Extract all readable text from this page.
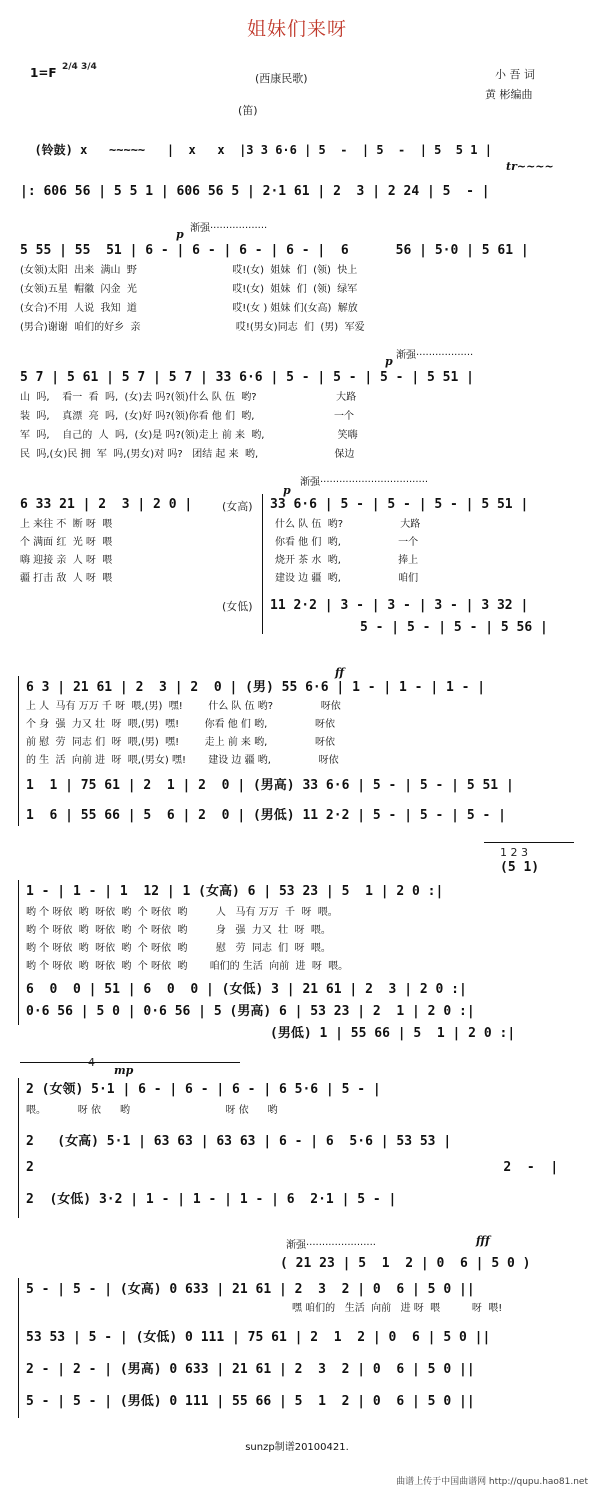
姐妹们来呀
1=F 2/4 3/4
(西康民歌)	小 吾 词
黄 彬编曲
(笛)

(铃鼓) x   ~~~~~   |  x   x  |3 3 6·6 | 5  -  | 5  -  | 5  5 1 |

tr~~~~
|: 606 56 | 5 5 1 | 606 56 5 | 2·1 61 | 2  3 | 2 24 | 5  - |
渐强··················
p
5 55 | 55  51 | 6 - | 6 - | 6 - | 6 - |  6      56 | 5·0 | 5 61 |
(女领)太阳  出来  满山  野                              哎!(女)  姐妹  们  (领)  快上
(女领)五星  帽徽  闪金  光                              哎!(女)  姐妹  们  (领)  绿军
(女合)不用  人说  我知  道                              哎!(女 ) 姐妹 们(女高)  解放
(男合)谢谢  咱们的好乡  亲                              哎!(男女)同志  们  (男)  军爱
渐强··················
p
5 7 | 5 61 | 5 7 | 5 7 | 33 6·6 | 5 - | 5 - | 5 - | 5 51 |
山  吗,    看一  看  吗,  (女)去 吗?(领)什么 队 伍  哟?                         大路
装  吗,    真漂  亮  吗,  (女)好 吗?(领)你看 他 们  哟,                         一个
军  吗,    自己的  人  吗,  (女)是 吗?(领)走上 前 来  哟,                       笑嗨
民  吗,(女)民 拥  军  吗,(男女)对 吗?   团结 起 来  哟,                        保边
渐强··································
p
6 33 21 | 2  3 | 2 0 |	(女高) 33 6·6 | 5 - | 5 - | 5 - | 5 51 |
上 来往 不  断 呀  喂
个 满面 红  光 呀  喂
嗨 迎接 亲  人 呀  喂
疆 打击 敌  人 呀  喂
什么 队 伍  哟?                  大路
你看 他 们  哟,                  一个
烧开 茶 水  哟,                  捧上
建设 边 疆  哟,                  咱们
(女低) 11 2·2 | 3 - | 3 - | 3 - | 3 32 |
5 - | 5 - | 5 - | 5 56 |
ff
6 3 | 21 61 | 2  3 | 2  0 | (男) 55 6·6 | 1 - | 1 - | 1 - |
上 人  马有 万万 千 呀  喂,(男)  嘿!        什么 队 伍 哟?               呀依
个 身  强  力又 壮  呀  喂,(男)  嘿!        你看 他 们 哟,               呀依
前 慰  劳  同志 们  呀  喂,(男)  嘿!        走上 前 来 哟,               呀依
的 生  活  向前 进  呀  喂,(男女) 嘿!       建设 边 疆 哟,               呀依
1  1 | 75 61 | 2  1 | 2  0 | (男高) 33 6·6 | 5 - | 5 - | 5 51 |
1  6 | 55 66 | 5  6 | 2  0 | (男低) 11 2·2 | 5 - | 5 - | 5 - |
1 2 3
(5 1)
1 - | 1 - | 1  12 | 1 (女高) 6 | 53 23 | 5  1 | 2 0 :|
哟 个 呀依  哟  呀依  哟  个 呀依  哟         人   马有 万万  千  呀  喂。
哟 个 呀依  哟  呀依  哟  个 呀依  哟         身   强  力又  壮  呀  喂。
哟 个 呀依  哟  呀依  哟  个 呀依  哟         慰   劳  同志  们  呀  喂。
哟 个 呀依  哟  呀依  哟  个 呀依  哟       咱们的 生活  向前  进  呀  喂。
6  0  0 | 51 | 6  0  0 | (女低) 3 | 21 61 | 2  3 | 2 0 :|
0·6 56 | 5 0 | 0·6 56 | 5 (男高) 6 | 53 23 | 2  1 | 2 0 :|
(男低) 1 | 55 66 | 5  1 | 2 0 :|
4
mp
2 (女领) 5·1 | 6 - | 6 - | 6 - | 6 5·6 | 5 - |
喂。          呀 依      哟                              呀 依      哟
2   (女高) 5·1 | 63 63 | 63 63 | 6 - | 6  5·6 | 53 53 |
2                                                            2  -  |
2  (女低) 3·2 | 1 - | 1 - | 1 - | 6  2·1 | 5 - |
渐强······················	fff
( 21 23 | 5  1  2 | 0  6 | 5 0 )
5 - | 5 - | (女高) 0 633 | 21 61 | 2  3  2 | 0  6 | 5 0 ||
嘿 咱们的   生活  向前   进 呀  喂          呀  喂!
53 53 | 5 - | (女低) 0 111 | 75 61 | 2  1  2 | 0  6 | 5 0 ||
2 - | 2 - | (男高) 0 633 | 21 61 | 2  3  2 | 0  6 | 5 0 ||
5 - | 5 - | (男低) 0 111 | 55 66 | 5  1  2 | 0  6 | 5 0 ||
sunzp制谱20100421.
曲谱上传于中国曲谱网 http://qupu.hao81.net
